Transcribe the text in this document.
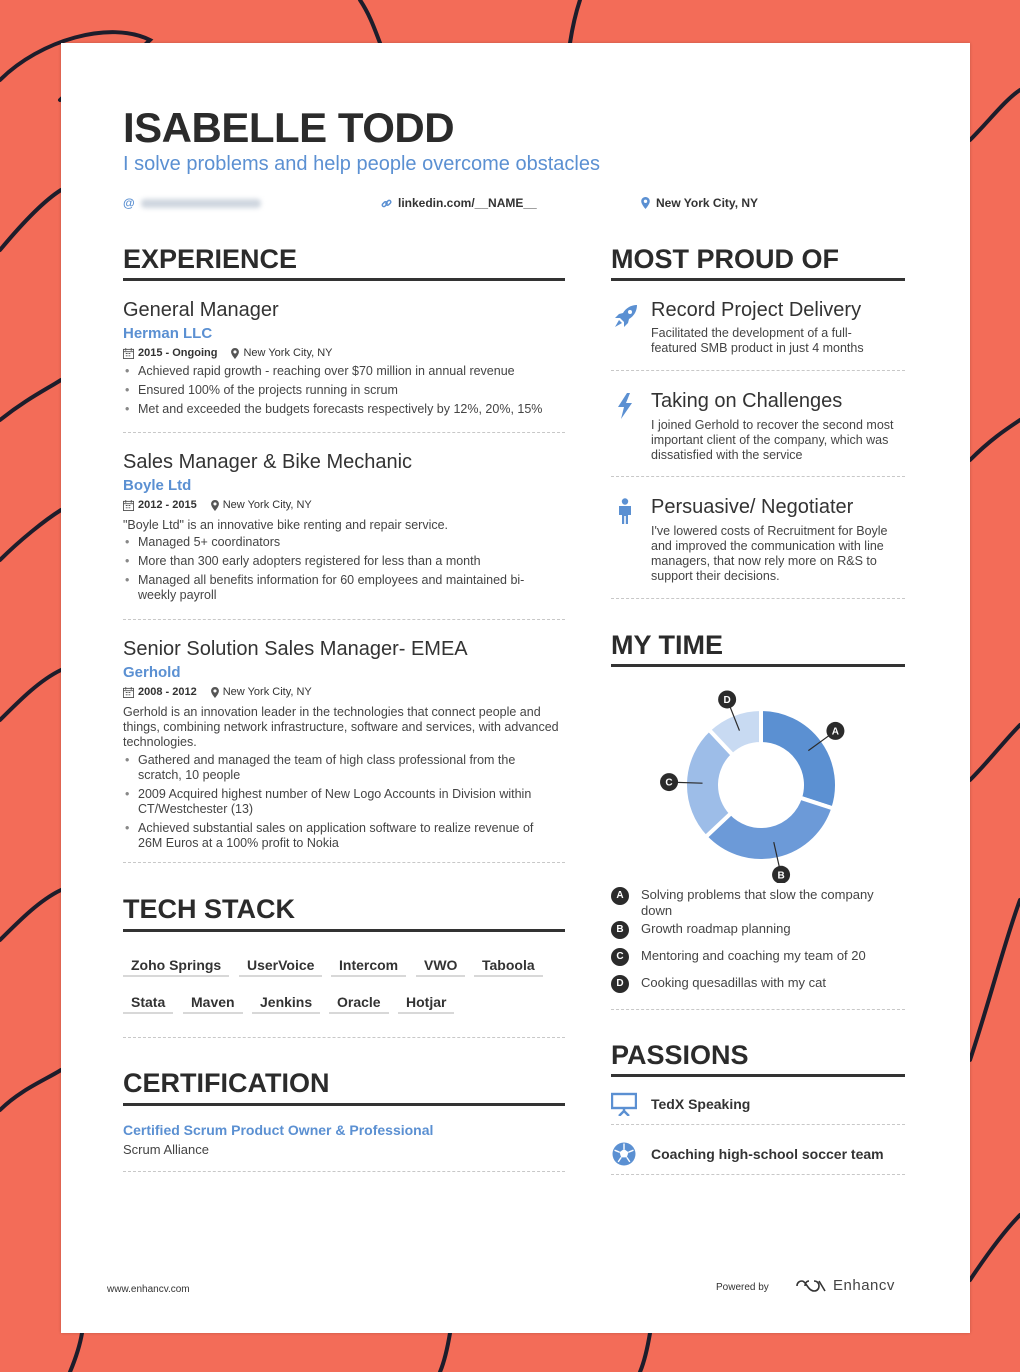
ISABELLE TODD
I solve problems and help people overcome obstacles
@	linkedin.com/__NAME__	New York City, NY
EXPERIENCE
General Manager
Herman LLC
2015 - Ongoing New York City, NY
• Achieved rapid growth - reaching over $70 million in annual revenue
• Ensured 100% of the projects running in scrum
• Met and exceeded the budgets forecasts respectively by 12%, 20%, 15%
Sales Manager & Bike Mechanic
Boyle Ltd
2012 - 2015 New York City, NY
"Boyle Ltd" is an innovative bike renting and repair service.
• Managed 5+ coordinators
• More than 300 early adopters registered for less than a month
• Managed all benefits information for 60 employees and maintained bi-weekly payroll
Senior Solution Sales Manager- EMEA
Gerhold
2008 - 2012 New York City, NY
Gerhold is an innovation leader in the technologies that connect people and things, combining network infrastructure, software and services, with advanced technologies.
• Gathered and managed the team of high class professional from the scratch, 10 people
• 2009 Acquired highest number of New Logo Accounts in Division within CT/Westchester (13)
• Achieved substantial sales on application software to realize revenue of 26M Euros at a 100% profit to Nokia
TECH STACK
Zoho Springs	UserVoice	Intercom	VWO	Taboola
Stata	Maven	Jenkins	Oracle	Hotjar
CERTIFICATION
Certified Scrum Product Owner & Professional
Scrum Alliance
MOST PROUD OF
Record Project Delivery
Facilitated the development of a full-featured SMB product in just 4 months
Taking on Challenges
I joined Gerhold to recover the second most important client of the company, which was dissatisfied with the service
Persuasive/ Negotiater
I've lowered costs of Recruitment for Boyle and improved the communication with line managers, that now rely more on R&S to support their decisions.
MY TIME
A
B
C
D
A	Solving problems that slow the company down
B	Growth roadmap planning
C	Mentoring and coaching my team of 20
D	Cooking quesadillas with my cat
PASSIONS
TedX Speaking
Coaching high-school soccer team
www.enhancv.com	Powered by	Enhancv
